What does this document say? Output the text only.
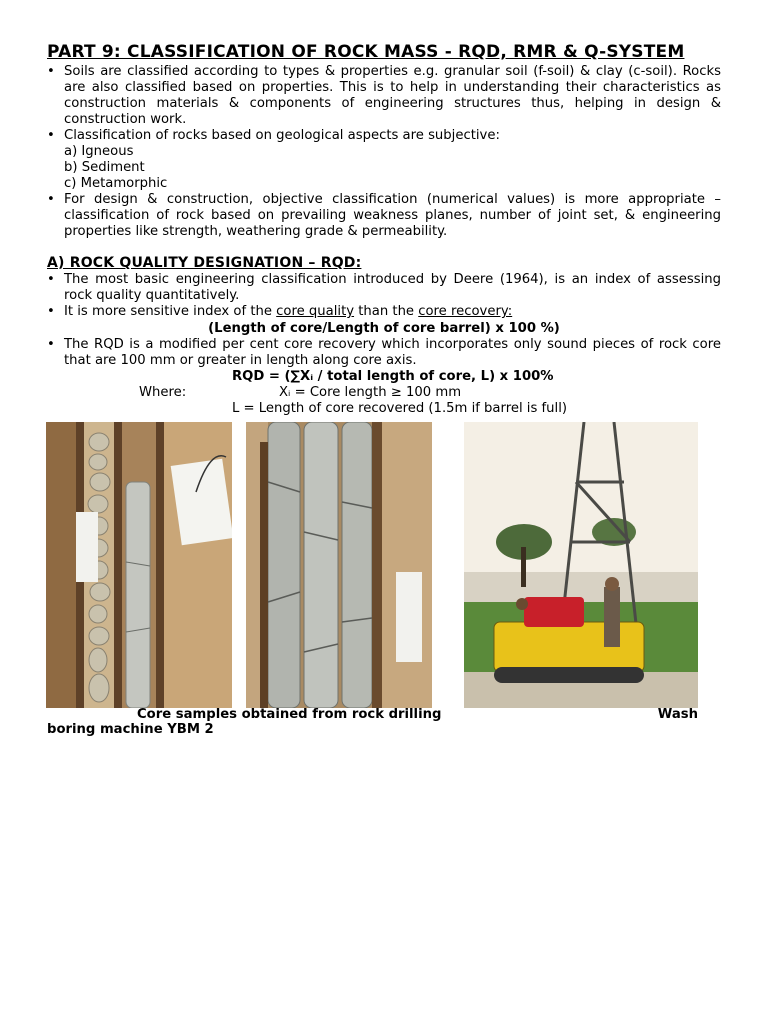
PART 9: CLASSIFICATION OF ROCK MASS - RQD, RMR & Q-SYSTEM
• Soils are classified according to types & properties e.g. granular soil (f-soil) & clay (c-soil). Rocks are also classified based on properties. This is to help in understanding their characteristics as construction materials & components of engineering structures thus, helping in design & construction work.
• Classification of rocks based on geological aspects are subjective:
a) Igneous
b) Sediment
c) Metamorphic
• For design & construction, objective classification (numerical values) is more appropriate – classification of rock based on prevailing weakness planes, number of joint set, & engineering properties like strength, weathering grade & permeability.
A) ROCK QUALITY DESIGNATION – RQD:
• The most basic engineering classification introduced by Deere (1964), is an index of assessing rock quality quantitatively.
• It is more sensitive index of the core quality than the core recovery:
(Length of core/Length of core barrel) x 100 %)
• The RQD is a modified per cent core recovery which incorporates only sound pieces of rock core that are 100 mm or greater in length along core axis.
RQD = (∑Xᵢ / total length of core, L) x 100%
Where:	Xᵢ = Core length ≥ 100 mm
L = Length of core recovered (1.5m if barrel is full)
Core samples obtained from rock drilling	Wash
boring machine YBM 2
